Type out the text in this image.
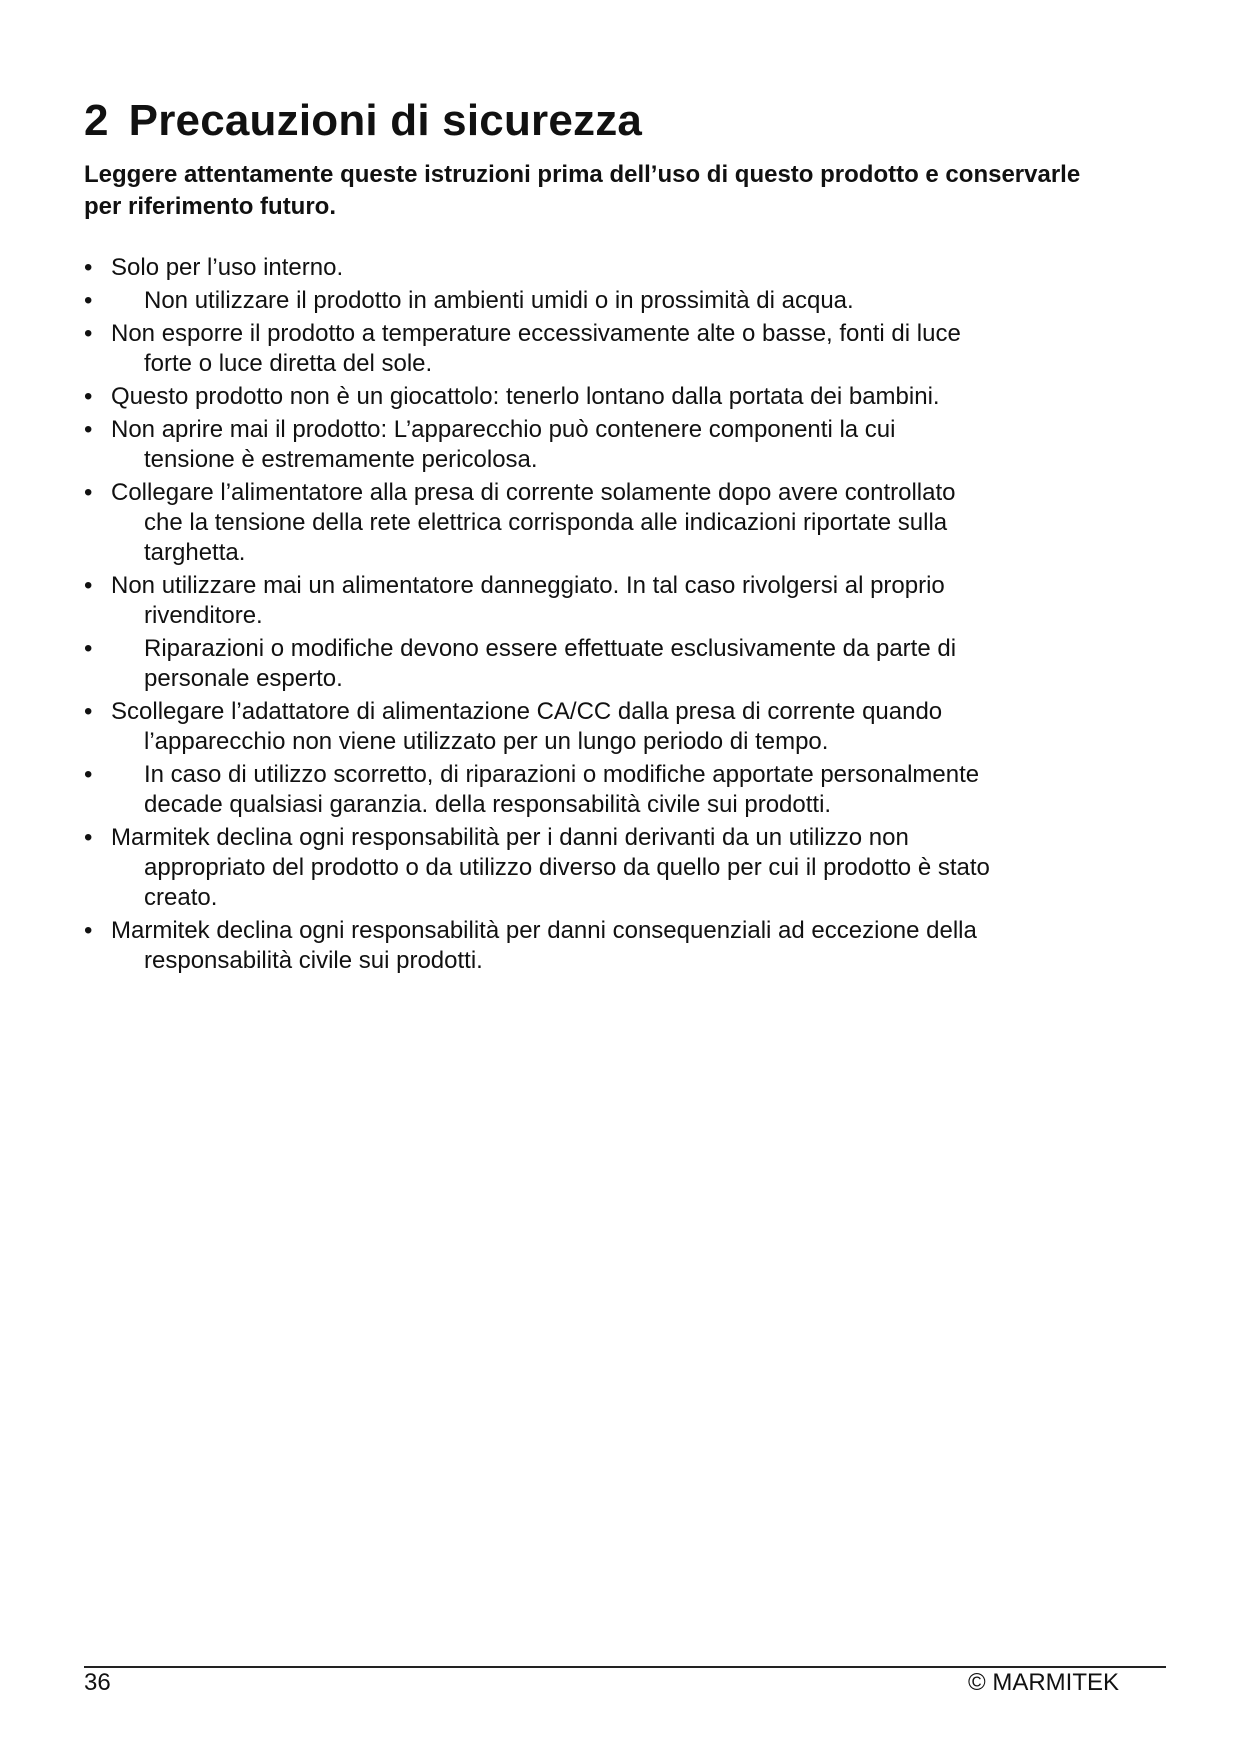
2 Precauzioni di sicurezza

Leggere attentamente queste istruzioni prima dell’uso di questo prodotto e conservarle per riferimento futuro.

• Solo per l’uso interno.
•	Non utilizzare il prodotto in ambienti umidi o in prossimità di acqua.
• Non esporre il prodotto a temperature eccessivamente alte o basse, fonti di luce
forte o luce diretta del sole.
• Questo prodotto non è un giocattolo: tenerlo lontano dalla portata dei bambini.
• Non aprire mai il prodotto: L’apparecchio può contenere componenti la cui
tensione è estremamente pericolosa.
• Collegare l’alimentatore alla presa di corrente solamente dopo avere controllato
che la tensione della rete elettrica corrisponda alle indicazioni riportate sulla
targhetta.
• Non utilizzare mai un alimentatore danneggiato. In tal caso rivolgersi al proprio
rivenditore.
•	Riparazioni o modifiche devono essere effettuate esclusivamente da parte di
personale esperto.
• Scollegare l’adattatore di alimentazione CA/CC dalla presa di corrente quando
l’apparecchio non viene utilizzato per un lungo periodo di tempo.
•	In caso di utilizzo scorretto, di riparazioni o modifiche apportate personalmente
decade qualsiasi garanzia. della responsabilità civile sui prodotti.
• Marmitek declina ogni responsabilità per i danni derivanti da un utilizzo non
appropriato del prodotto o da utilizzo diverso da quello per cui il prodotto è stato
creato.
• Marmitek declina ogni responsabilità per danni consequenziali ad eccezione della
responsabilità civile sui prodotti.
36	© MARMITEK
